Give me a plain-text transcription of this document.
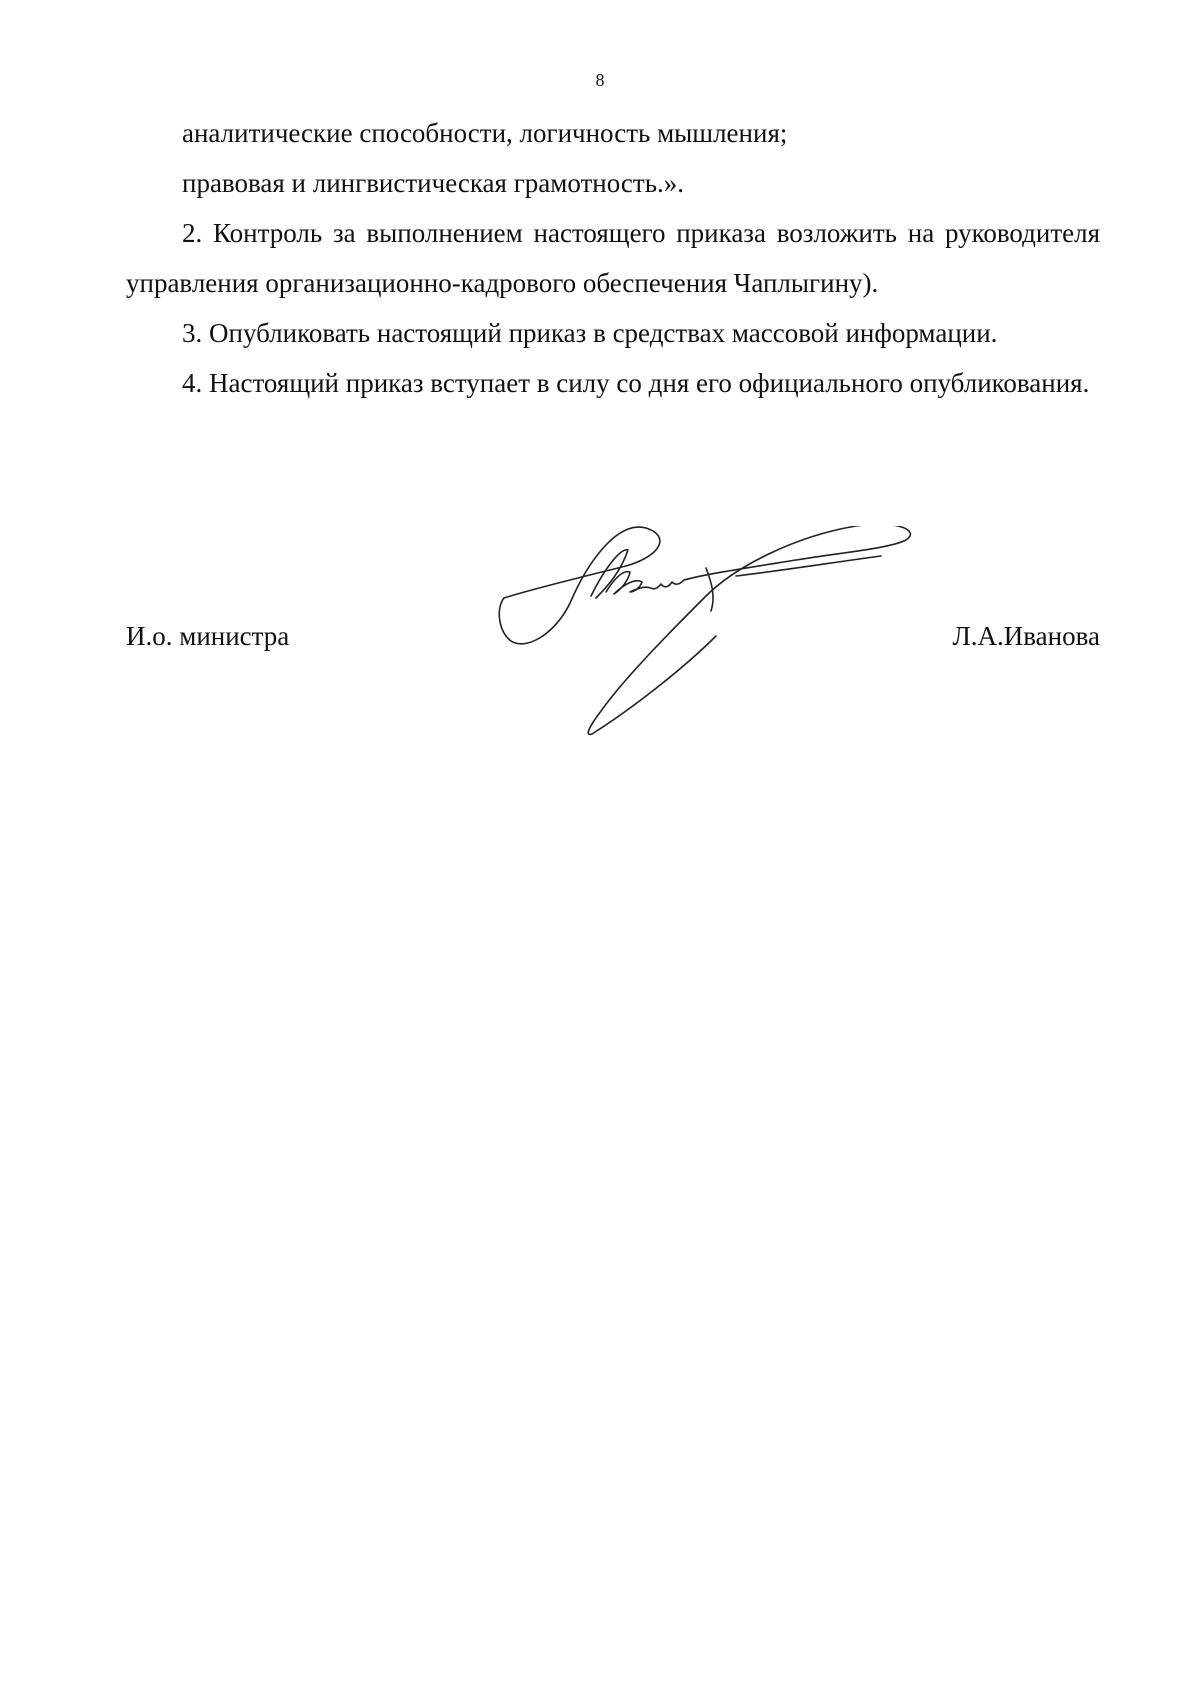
8

аналитические способности, логичность мышления;

правовая и лингвистическая грамотность.».

2. Контроль за выполнением настоящего приказа возложить на руководителя управления организационно-кадрового обеспечения Чаплыгину).

3. Опубликовать настоящий приказ в средствах массовой информации.

4. Настоящий приказ вступает в силу со дня его официального опубликования.

И.о. министра	Л.А.Иванова
